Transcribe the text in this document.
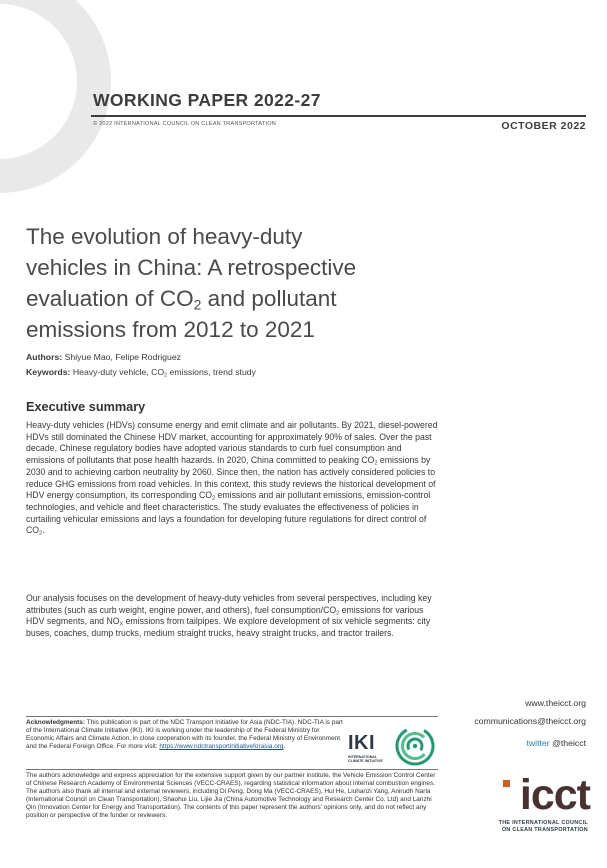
WORKING PAPER 2022-27
© 2022 INTERNATIONAL COUNCIL ON CLEAN TRANSPORTATION	OCTOBER 2022
The evolution of heavy-duty
vehicles in China: A retrospective
evaluation of $CO_2$ and pollutant
emissions from 2012 to 2021
Authors: Shiyue Mao, Felipe Rodriguez
Keywords: Heavy-duty vehicle, $CO_2$ emissions, trend study
Executive summary

Heavy-duty vehicles (HDVs) consume energy and emit climate and air pollutants. By 2021, diesel-powered HDVs still dominated the Chinese HDV market, accounting for approximately 90% of sales. Over the past decade, Chinese regulatory bodies have adopted various standards to curb fuel consumption and emissions of pollutants that pose health hazards. In 2020, China committed to peaking $CO_2$ emissions by 2030 and to achieving carbon neutrality by 2060. Since then, the nation has actively considered policies to reduce GHG emissions from road vehicles. In this context, this study reviews the historical development of HDV energy consumption, its corresponding $CO_2$ emissions and air pollutant emissions, emission-control technologies, and vehicle and fleet characteristics. The study evaluates the effectiveness of policies in curtailing vehicular emissions and lays a foundation for developing future regulations for direct control of $CO_2$.

Our analysis focuses on the development of heavy-duty vehicles from several perspectives, including key attributes (such as curb weight, engine power, and others), fuel consumption/$CO_2$ emissions for various HDV segments, and $NO_X$ emissions from tailpipes. We explore development of six vehicle segments: city buses, coaches, dump trucks, medium straight trucks, heavy straight trucks, and tractor trailers.

www.theicct.org
communications@theicct.org
twitter @theicct

Acknowledgments: This publication is part of the NDC Transport Initiative for Asia (NDC-TIA). NDC-TIA is part of the International Climate Initiative (IKI). IKI is working under the leadership of the Federal Ministry for Economic Affairs and Climate Action, in close cooperation with its founder, the Federal Ministry of Environment and the Federal Foreign Office. For more visit: https://www.ndctransportinitiativeforasia.org.	IKI
INTERNATIONAL
CLIMATE INITIATIVE

The authors acknowledge and express appreciation for the extensive support given by our partner institute, the Vehicle Emission Control Center of Chinese Research Academy of Environmental Sciences (VECC-CRAES), regarding statistical information about internal combustion engines. The authors also thank all internal and external reviewers, including Di Peng, Dong Ma (VECC-CRAES), Hui He, Liuhanzi Yang, Anirudh Narla (International Council on Clean Transportation), Shaohui Liu, Lijie Jia (China Automotive Technology and Research Center Co. Ltd) and Lanzhi Qin (Innovation Center for Energy and Transportation). The contents of this paper represent the authors' opinions only, and do not reflect any position or perspective of the funder or reviewers.	icct
THE INTERNATIONAL COUNCIL
ON CLEAN TRANSPORTATION
